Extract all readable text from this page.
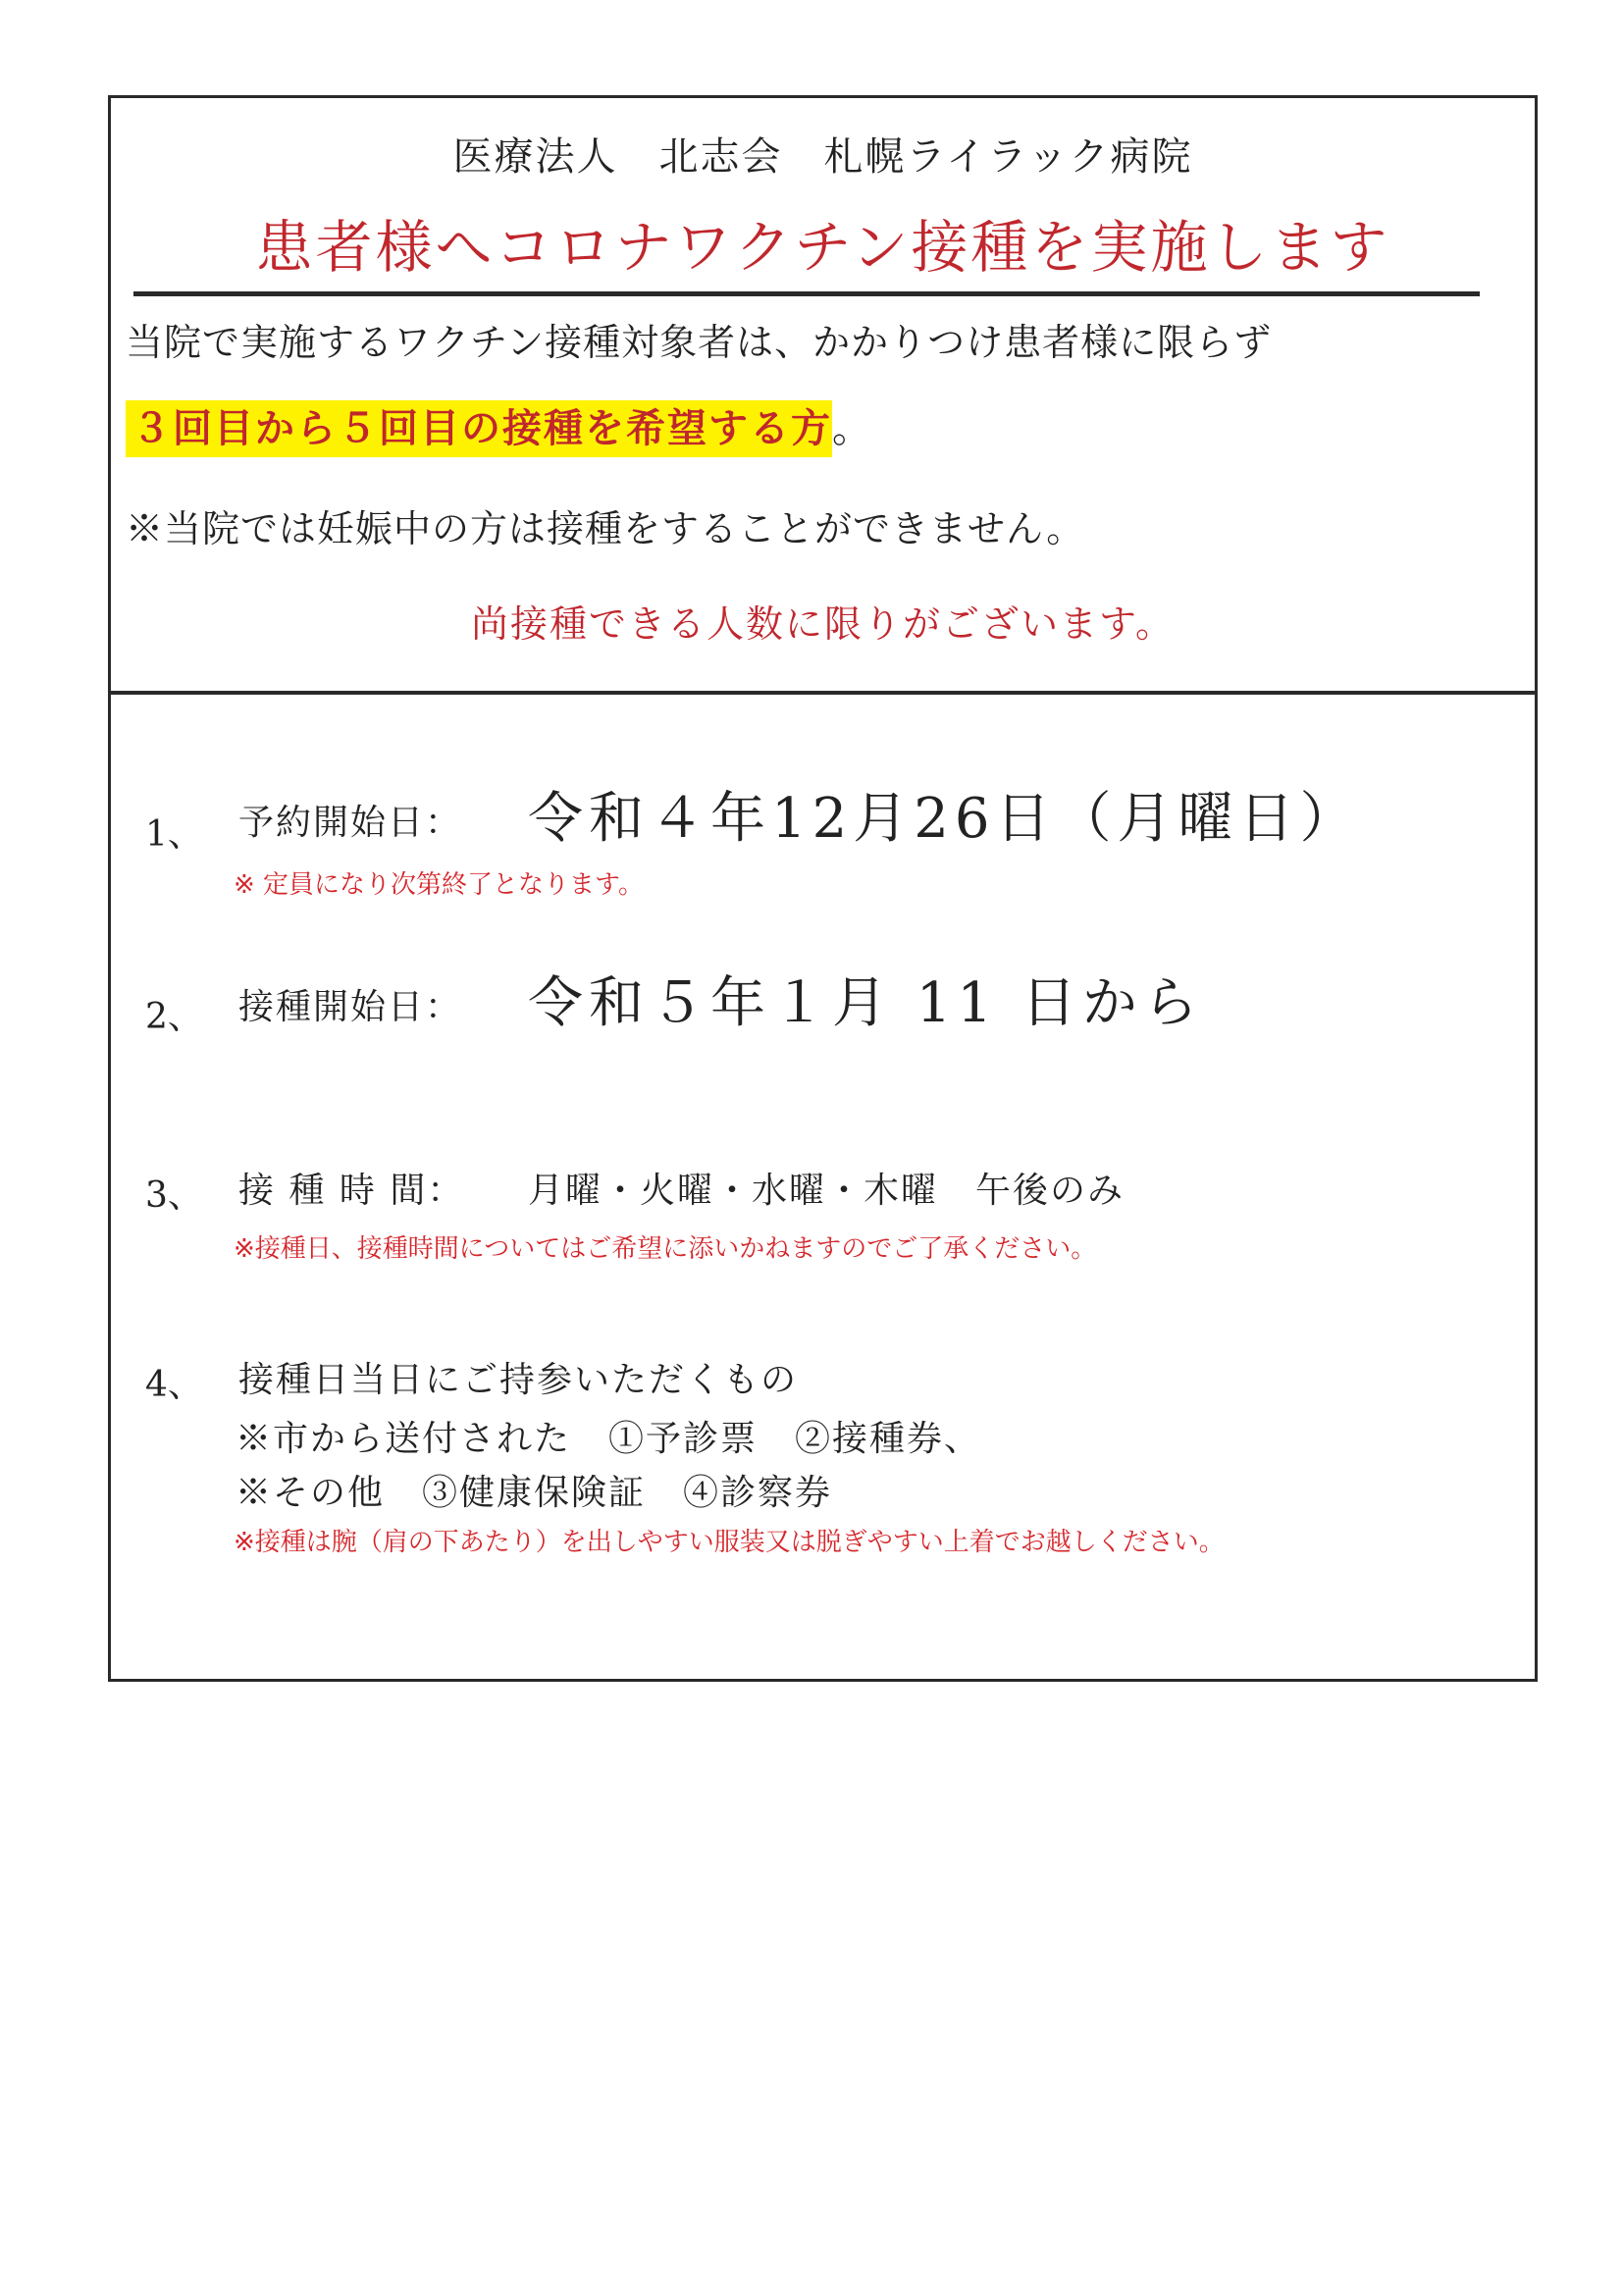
医療法人　北志会　札幌ライラック病院
患者様へコロナワクチン接種を実施します
当院で実施するワクチン接種対象者は、かかりつけ患者様に限らず
３回目から５回目の接種を希望する方。
※当院では妊娠中の方は接種をすることができません。
尚接種できる人数に限りがございます。
1、 予約開始日： 令和４年12月26日（月曜日）
※ 定員になり次第終了となります。
2、 接種開始日： 令和５年１月 11 日から
3、 接 種 時 間： 月曜・火曜・水曜・木曜　午後のみ
※接種日、接種時間についてはご希望に添いかねますのでご了承ください。
4、 接種日当日にご持参いただくもの
※市から送付された　①予診票　②接種券、
※その他　③健康保険証　④診察券
※接種は腕（肩の下あたり）を出しやすい服装又は脱ぎやすい上着でお越しください。
